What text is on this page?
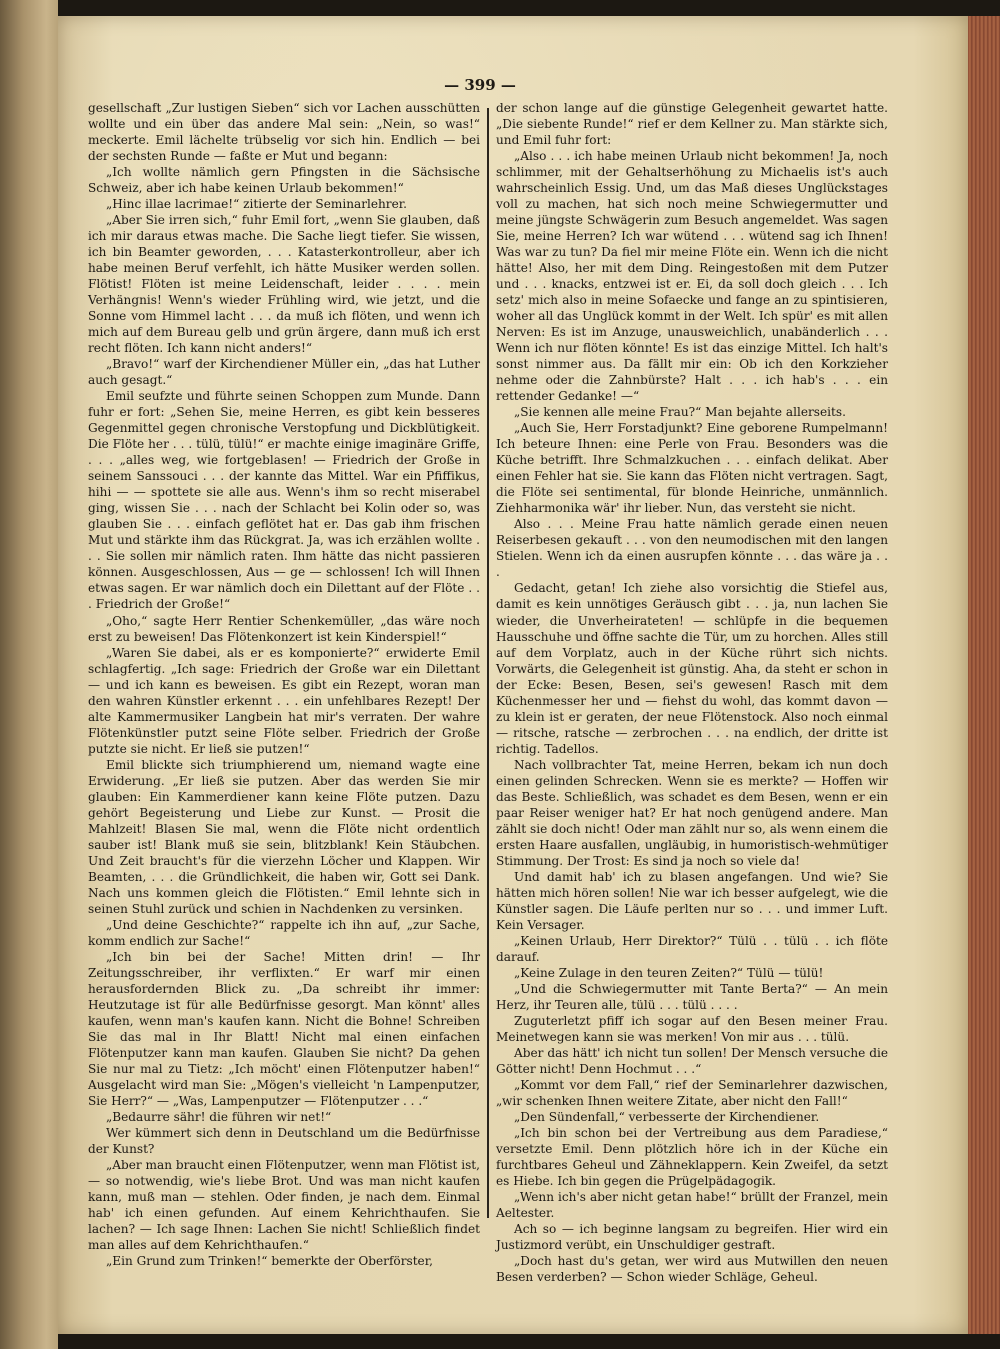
— 399 —

gesellschaft „Zur lustigen Sieben“ sich vor Lachen ausschütten wollte und ein über das andere Mal sein: „Nein, so was!“ meckerte. Emil lächelte trübselig vor sich hin. Endlich — bei der sechsten Runde — faßte er Mut und begann:

„Ich wollte nämlich gern Pfingsten in die Sächsische Schweiz, aber ich habe keinen Urlaub bekommen!“

„Hinc illae lacrimae!“ zitierte der Seminarlehrer.

„Aber Sie irren sich,“ fuhr Emil fort, „wenn Sie glauben, daß ich mir daraus etwas mache. Die Sache liegt tiefer. Sie wissen, ich bin Beamter geworden, . . . Katasterkontrolleur, aber ich habe meinen Beruf verfehlt, ich hätte Musiker werden sollen. Flötist! Flöten ist meine Leidenschaft, leider . . . . mein Verhängnis! Wenn's wieder Frühling wird, wie jetzt, und die Sonne vom Himmel lacht . . . da muß ich flöten, und wenn ich mich auf dem Bureau gelb und grün ärgere, dann muß ich erst recht flöten. Ich kann nicht anders!“

„Bravo!“ warf der Kirchendiener Müller ein, „das hat Luther auch gesagt.“

Emil seufzte und führte seinen Schoppen zum Munde. Dann fuhr er fort: „Sehen Sie, meine Herren, es gibt kein besseres Gegenmittel gegen chronische Verstopfung und Dickblütigkeit. Die Flöte her . . . tülü, tülü!“ er machte einige imaginäre Griffe, . . . „alles weg, wie fortgeblasen! — Friedrich der Große in seinem Sanssouci . . . der kannte das Mittel. War ein Pfiffikus, hihi — — spottete sie alle aus. Wenn's ihm so recht miserabel ging, wissen Sie . . . nach der Schlacht bei Kolin oder so, was glauben Sie . . . einfach geflötet hat er. Das gab ihm frischen Mut und stärkte ihm das Rückgrat. Ja, was ich erzählen wollte . . . Sie sollen mir nämlich raten. Ihm hätte das nicht passieren können. Ausgeschlossen, Aus — ge — schlossen! Ich will Ihnen etwas sagen. Er war nämlich doch ein Dilettant auf der Flöte . . . Friedrich der Große!“

„Oho,“ sagte Herr Rentier Schenkemüller, „das wäre noch erst zu beweisen! Das Flötenkonzert ist kein Kinderspiel!“

„Waren Sie dabei, als er es komponierte?“ erwiderte Emil schlagfertig. „Ich sage: Friedrich der Große war ein Dilettant — und ich kann es beweisen. Es gibt ein Rezept, woran man den wahren Künstler erkennt . . . ein unfehlbares Rezept! Der alte Kammermusiker Langbein hat mir's verraten. Der wahre Flötenkünstler putzt seine Flöte selber. Friedrich der Große putzte sie nicht. Er ließ sie putzen!“

Emil blickte sich triumphierend um, niemand wagte eine Erwiderung. „Er ließ sie putzen. Aber das werden Sie mir glauben: Ein Kammerdiener kann keine Flöte putzen. Dazu gehört Begeisterung und Liebe zur Kunst. — Prosit die Mahlzeit! Blasen Sie mal, wenn die Flöte nicht ordentlich sauber ist! Blank muß sie sein, blitzblank! Kein Stäubchen. Und Zeit braucht's für die vierzehn Löcher und Klappen. Wir Beamten, . . . die Gründlichkeit, die haben wir, Gott sei Dank. Nach uns kommen gleich die Flötisten.“ Emil lehnte sich in seinen Stuhl zurück und schien in Nachdenken zu versinken.

„Und deine Geschichte?“ rappelte ich ihn auf, „zur Sache, komm endlich zur Sache!“

„Ich bin bei der Sache! Mitten drin! — Ihr Zeitungsschreiber, ihr verflixten.“ Er warf mir einen herausfordernden Blick zu. „Da schreibt ihr immer: Heutzutage ist für alle Bedürfnisse gesorgt. Man könnt' alles kaufen, wenn man's kaufen kann. Nicht die Bohne! Schreiben Sie das mal in Ihr Blatt! Nicht mal einen einfachen Flötenputzer kann man kaufen. Glauben Sie nicht? Da gehen Sie nur mal zu Tietz: „Ich möcht' einen Flötenputzer haben!“ Ausgelacht wird man Sie: „Mögen's vielleicht 'n Lampenputzer, Sie Herr?“ — „Was, Lampenputzer — Flötenputzer . . .“

„Bedaurre sähr! die führen wir net!“

Wer kümmert sich denn in Deutschland um die Bedürfnisse der Kunst?

„Aber man braucht einen Flötenputzer, wenn man Flötist ist, — so notwendig, wie's liebe Brot. Und was man nicht kaufen kann, muß man — stehlen. Oder finden, je nach dem. Einmal hab' ich einen gefunden. Auf einem Kehrichthaufen. Sie lachen? — Ich sage Ihnen: Lachen Sie nicht! Schließlich findet man alles auf dem Kehrichthaufen.“

„Ein Grund zum Trinken!“ bemerkte der Oberförster,

der schon lange auf die günstige Gelegenheit gewartet hatte. „Die siebente Runde!“ rief er dem Kellner zu. Man stärkte sich, und Emil fuhr fort:

„Also . . . ich habe meinen Urlaub nicht bekommen! Ja, noch schlimmer, mit der Gehaltserhöhung zu Michaelis ist's auch wahrscheinlich Essig. Und, um das Maß dieses Unglückstages voll zu machen, hat sich noch meine Schwiegermutter und meine jüngste Schwägerin zum Besuch angemeldet. Was sagen Sie, meine Herren? Ich war wütend . . . wütend sag ich Ihnen! Was war zu tun? Da fiel mir meine Flöte ein. Wenn ich die nicht hätte! Also, her mit dem Ding. Reingestoßen mit dem Putzer und . . . knacks, entzwei ist er. Ei, da soll doch gleich . . . Ich setz' mich also in meine Sofaecke und fange an zu spintisieren, woher all das Unglück kommt in der Welt. Ich spür' es mit allen Nerven: Es ist im Anzuge, unausweichlich, unabänderlich . . . Wenn ich nur flöten könnte! Es ist das einzige Mittel. Ich halt's sonst nimmer aus. Da fällt mir ein: Ob ich den Korkzieher nehme oder die Zahnbürste? Halt . . . ich hab's . . . ein rettender Gedanke! —“

„Sie kennen alle meine Frau?“ Man bejahte allerseits.

„Auch Sie, Herr Forstadjunkt? Eine geborene Rumpelmann! Ich beteure Ihnen: eine Perle von Frau. Besonders was die Küche betrifft. Ihre Schmalzkuchen . . . einfach delikat. Aber einen Fehler hat sie. Sie kann das Flöten nicht vertragen. Sagt, die Flöte sei sentimental, für blonde Heinriche, unmännlich. Ziehharmonika wär' ihr lieber. Nun, das versteht sie nicht.

Also . . . Meine Frau hatte nämlich gerade einen neuen Reiserbesen gekauft . . . von den neumodischen mit den langen Stielen. Wenn ich da einen ausrupfen könnte . . . das wäre ja . . .

Gedacht, getan! Ich ziehe also vorsichtig die Stiefel aus, damit es kein unnötiges Geräusch gibt . . . ja, nun lachen Sie wieder, die Unverheirateten! — schlüpfe in die bequemen Hausschuhe und öffne sachte die Tür, um zu horchen. Alles still auf dem Vorplatz, auch in der Küche rührt sich nichts. Vorwärts, die Gelegenheit ist günstig. Aha, da steht er schon in der Ecke: Besen, Besen, sei's gewesen! Rasch mit dem Küchenmesser her und — fiehst du wohl, das kommt davon — zu klein ist er geraten, der neue Flötenstock. Also noch einmal — ritsche, ratsche — zerbrochen . . . na endlich, der dritte ist richtig. Tadellos.

Nach vollbrachter Tat, meine Herren, bekam ich nun doch einen gelinden Schrecken. Wenn sie es merkte? — Hoffen wir das Beste. Schließlich, was schadet es dem Besen, wenn er ein paar Reiser weniger hat? Er hat noch genügend andere. Man zählt sie doch nicht! Oder man zählt nur so, als wenn einem die ersten Haare ausfallen, ungläubig, in humoristisch-wehmütiger Stimmung. Der Trost: Es sind ja noch so viele da!

Und damit hab' ich zu blasen angefangen. Und wie? Sie hätten mich hören sollen! Nie war ich besser aufgelegt, wie die Künstler sagen. Die Läufe perlten nur so . . . und immer Luft. Kein Versager.

„Keinen Urlaub, Herr Direktor?“ Tülü . . tülü . . ich flöte darauf.

„Keine Zulage in den teuren Zeiten?“ Tülü — tülü!

„Und die Schwiegermutter mit Tante Berta?“ — An mein Herz, ihr Teuren alle, tülü . . . tülü . . . .

Zuguterletzt pfiff ich sogar auf den Besen meiner Frau. Meinetwegen kann sie was merken! Von mir aus . . . tülü.

Aber das hätt' ich nicht tun sollen! Der Mensch versuche die Götter nicht! Denn Hochmut . . .“

„Kommt vor dem Fall,“ rief der Seminarlehrer dazwischen, „wir schenken Ihnen weitere Zitate, aber nicht den Fall!“

„Den Sündenfall,“ verbesserte der Kirchendiener.

„Ich bin schon bei der Vertreibung aus dem Paradiese,“ versetzte Emil. Denn plötzlich höre ich in der Küche ein furchtbares Geheul und Zähneklappern. Kein Zweifel, da setzt es Hiebe. Ich bin gegen die Prügelpädagogik.

„Wenn ich's aber nicht getan habe!“ brüllt der Franzel, mein Aeltester.

Ach so — ich beginne langsam zu begreifen. Hier wird ein Justizmord verübt, ein Unschuldiger gestraft.

„Doch hast du's getan, wer wird aus Mutwillen den neuen Besen verderben? — Schon wieder Schläge, Geheul.
